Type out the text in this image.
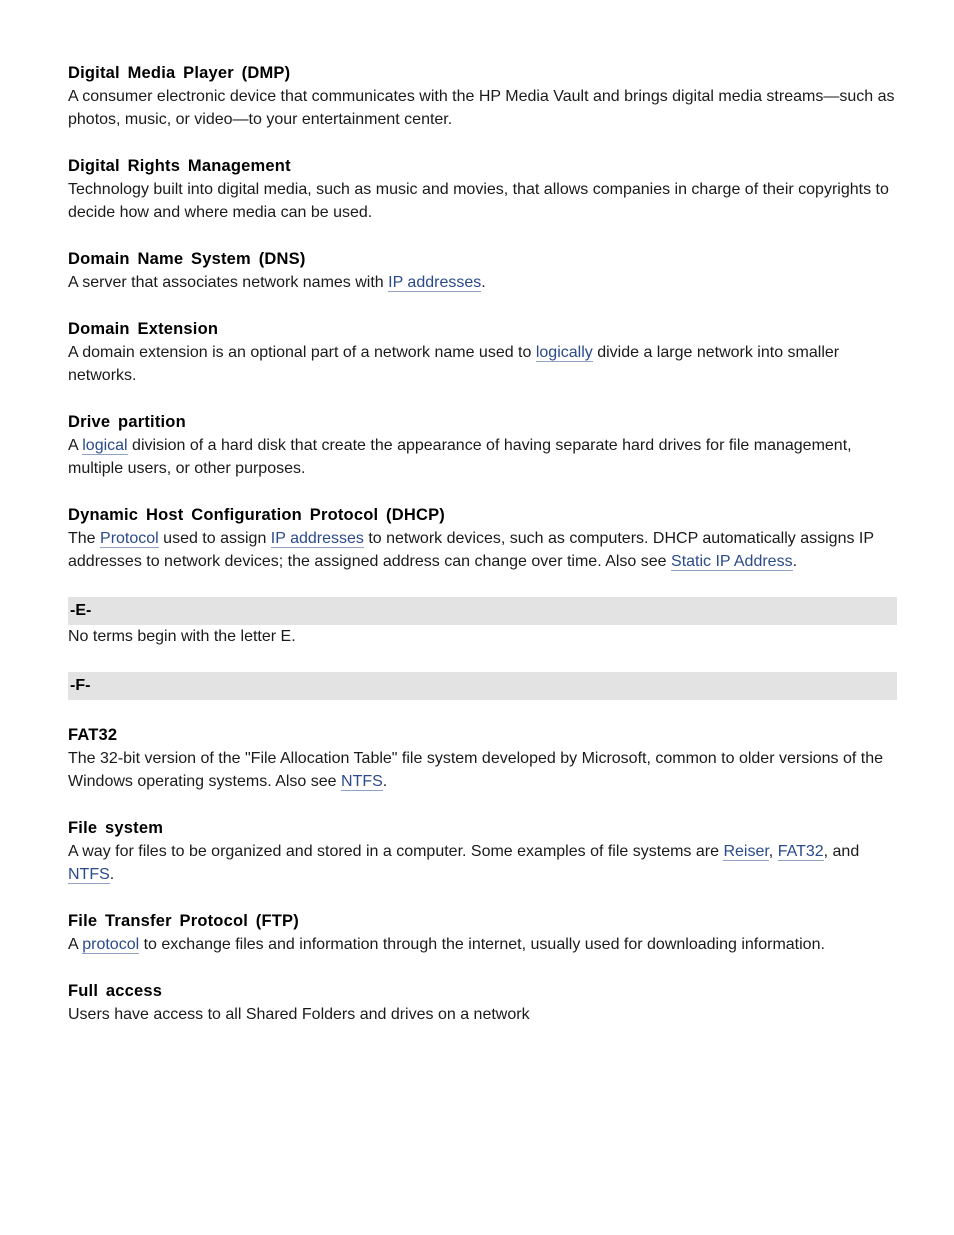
Digital Media Player (DMP)
A consumer electronic device that communicates with the HP Media Vault and brings digital media streams—such as photos, music, or video—to your entertainment center.
Digital Rights Management
Technology built into digital media, such as music and movies, that allows companies in charge of their copyrights to decide how and where media can be used.
Domain Name System (DNS)
A server that associates network names with IP addresses.
Domain Extension
A domain extension is an optional part of a network name used to logically divide a large network into smaller networks.
Drive partition
A logical division of a hard disk that create the appearance of having separate hard drives for file management, multiple users, or other purposes.
Dynamic Host Configuration Protocol (DHCP)
The Protocol used to assign IP addresses to network devices, such as computers. DHCP automatically assigns IP addresses to network devices; the assigned address can change over time. Also see Static IP Address.
-E-
No terms begin with the letter E.
-F-
FAT32
The 32-bit version of the "File Allocation Table" file system developed by Microsoft, common to older versions of the Windows operating systems. Also see NTFS.
File system
A way for files to be organized and stored in a computer. Some examples of file systems are Reiser, FAT32, and NTFS.
File Transfer Protocol (FTP)
A protocol to exchange files and information through the internet, usually used for downloading information.
Full access
Users have access to all Shared Folders and drives on a network
